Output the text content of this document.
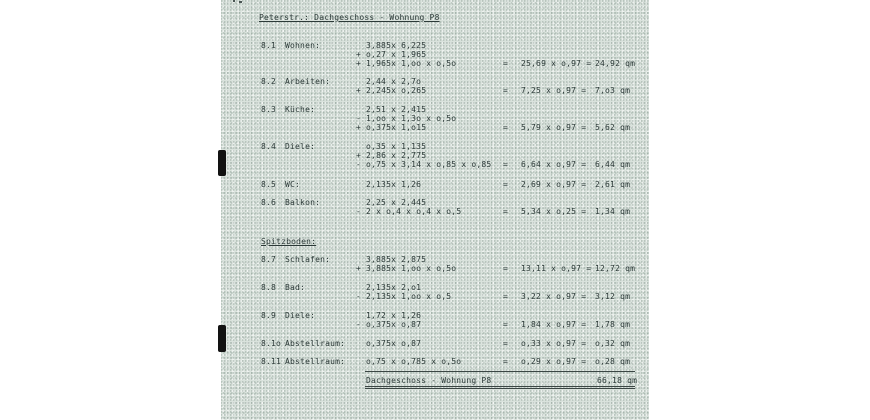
Peterstr.: Dachgeschoss - Wohnung P8
8.1 Wohnen:	3,885x 6,225
+ o,27 x 1,965
+ 1,965x 1,oo x o,5o	= 25,69 x o,97 = 24,92 qm
8.2 Arbeiten:	2,44 x 2,7o
+ 2,245x o,265	= 7,25 x o,97 = 7,o3 qm
8.3 Küche:	2,51 x 2,415
- 1,oo x 1,3o x o,5o
+ o,375x 1,o15	= 5,79 x o,97 = 5,62 qm
8.4 Diele:	o,35 x 1,135
+ 2,86 x 2,775
- o,75 x 3,14 x o,85 x o,85 = 6,64 x o,97 = 6,44 qm
8.5 WC:	2,135x 1,26	= 2,69 x o,97 = 2,61 qm
8.6 Balkon:	2,25 x 2,445
- 2 x o,4 x o,4 x o,5	= 5,34 x o,25 = 1,34 qm
Spitzboden:
8.7 Schlafen:	3,885x 2,875
+ 3,885x 1,oo x o,5o	= 13,11 x o,97 = 12,72 qm
8.8 Bad:	2,135x 2,o1
- 2,135x 1,oo x o,5	= 3,22 x o,97 = 3,12 qm
8.9 Diele:	1,72 x 1,26
- o,375x o,87	= 1,84 x o,97 = 1,78 qm
8.1o Abstellraum:	o,375x o,87	= o,33 x o,97 = o,32 qm
8.11 Abstellraum:	o,75 x o,785 x o,5o	= o,29 x o,97 = o,28 qm
Dachgeschoss - Wohnung P8	66,18 qm
